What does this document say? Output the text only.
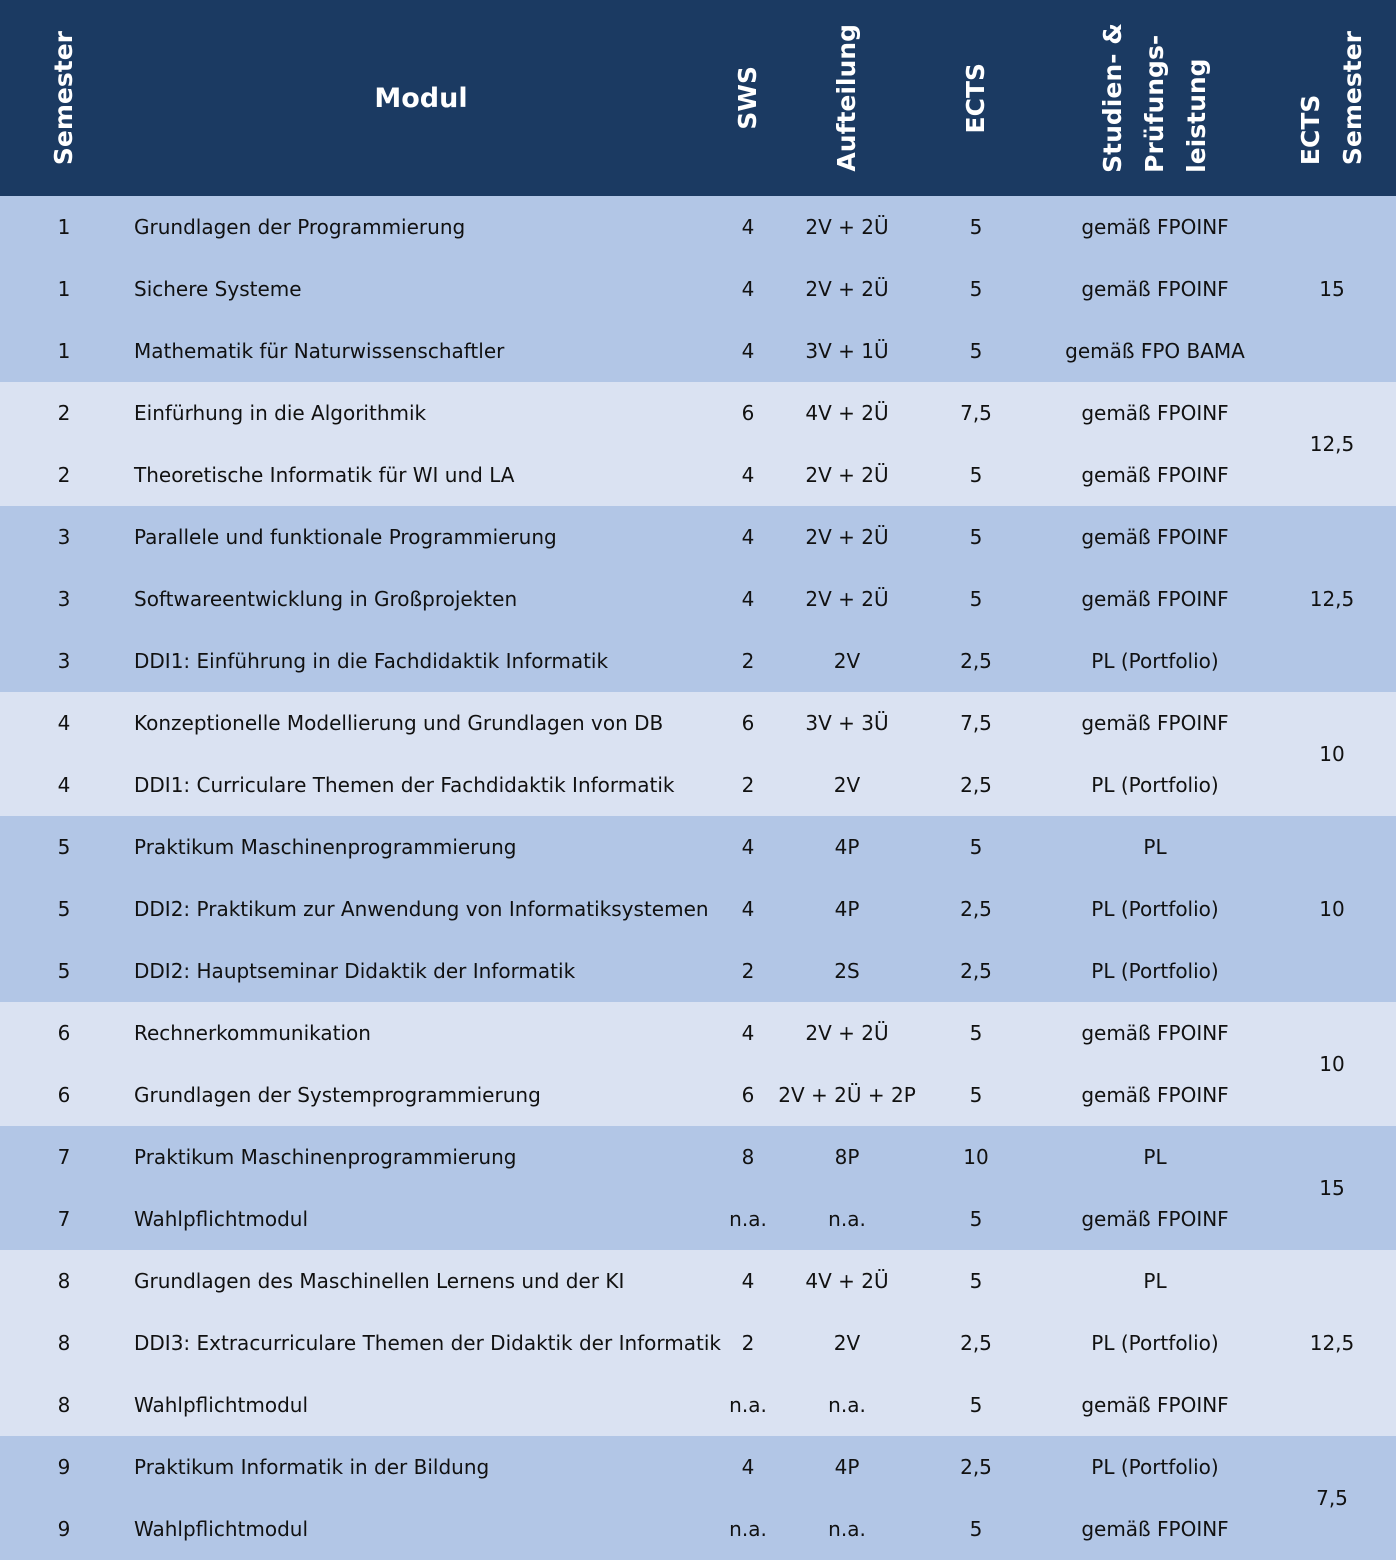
Semester	Modul	SWS	Aufteilung	ECTS	Studien- & Prüfungs- leistung	ECTS Semester
1	Grundlagen der Programmierung	4	2V + 2Ü	5	gemäß FPOINF
1	Sichere Systeme	4	2V + 2Ü	5	gemäß FPOINF
1	Mathematik für Naturwissenschaftler	4	3V + 1Ü	5	gemäß FPO BAMA
15
2	Einfürhung in die Algorithmik	6	4V + 2Ü	7,5	gemäß FPOINF
2	Theoretische Informatik für WI und LA	4	2V + 2Ü	5	gemäß FPOINF
12,5
3	Parallele und funktionale Programmierung	4	2V + 2Ü	5	gemäß FPOINF
3	Softwareentwicklung in Großprojekten	4	2V + 2Ü	5	gemäß FPOINF
3	DDI1: Einführung in die Fachdidaktik Informatik	2	2V	2,5	PL (Portfolio)
12,5
4	Konzeptionelle Modellierung und Grundlagen von DB	6	3V + 3Ü	7,5	gemäß FPOINF
4	DDI1: Curriculare Themen der Fachdidaktik Informatik	2	2V	2,5	PL (Portfolio)
10
5	Praktikum Maschinenprogrammierung	4	4P	5	PL
5	DDI2: Praktikum zur Anwendung von Informatiksystemen	4	4P	2,5	PL (Portfolio)
5	DDI2: Hauptseminar Didaktik der Informatik	2	2S	2,5	PL (Portfolio)
10
6	Rechnerkommunikation	4	2V + 2Ü	5	gemäß FPOINF
6	Grundlagen der Systemprogrammierung	6	2V + 2Ü + 2P	5	gemäß FPOINF
10
7	Praktikum Maschinenprogrammierung	8	8P	10	PL
7	Wahlpflichtmodul	n.a.	n.a.	5	gemäß FPOINF
15
8	Grundlagen des Maschinellen Lernens und der KI	4	4V + 2Ü	5	PL
8	DDI3: Extracurriculare Themen der Didaktik der Informatik	2	2V	2,5	PL (Portfolio)
8	Wahlpflichtmodul	n.a.	n.a.	5	gemäß FPOINF
12,5
9	Praktikum Informatik in der Bildung	4	4P	2,5	PL (Portfolio)
9	Wahlpflichtmodul	n.a.	n.a.	5	gemäß FPOINF
7,5
